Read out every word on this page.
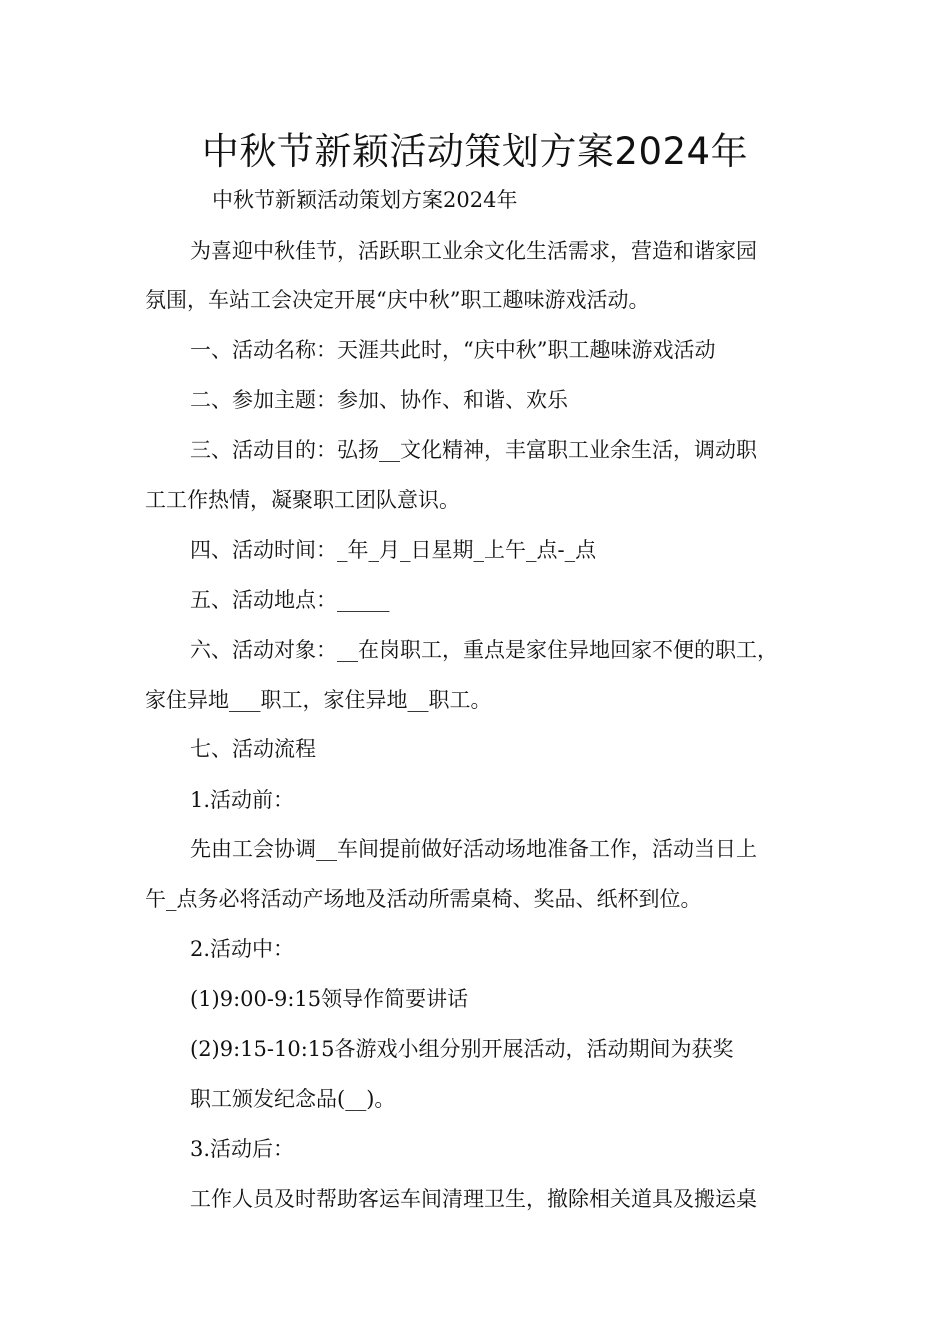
中秋节新颖活动策划方案2024年
中秋节新颖活动策划方案2024年
为喜迎中秋佳节，活跃职工业余文化生活需求，营造和谐家园
氛围，车站工会决定开展“庆中秋”职工趣味游戏活动。
一、活动名称：天涯共此时，“庆中秋”职工趣味游戏活动
二、参加主题：参加、协作、和谐、欢乐
三、活动目的：弘扬__文化精神，丰富职工业余生活，调动职
工工作热情，凝聚职工团队意识。
四、活动时间：_年_月_日星期_上午_点-_点
五、活动地点：_____
六、活动对象：__在岗职工，重点是家住异地回家不便的职工，
家住异地___职工，家住异地__职工。
七、活动流程
1.活动前：
先由工会协调__车间提前做好活动场地准备工作，活动当日上
午_点务必将活动产场地及活动所需桌椅、奖品、纸杯到位。
2.活动中：
(1)9:00-9:15领导作简要讲话
(2)9:15-10:15各游戏小组分别开展活动，活动期间为获奖
职工颁发纪念品(__)。
3.活动后：
工作人员及时帮助客运车间清理卫生，撤除相关道具及搬运桌
